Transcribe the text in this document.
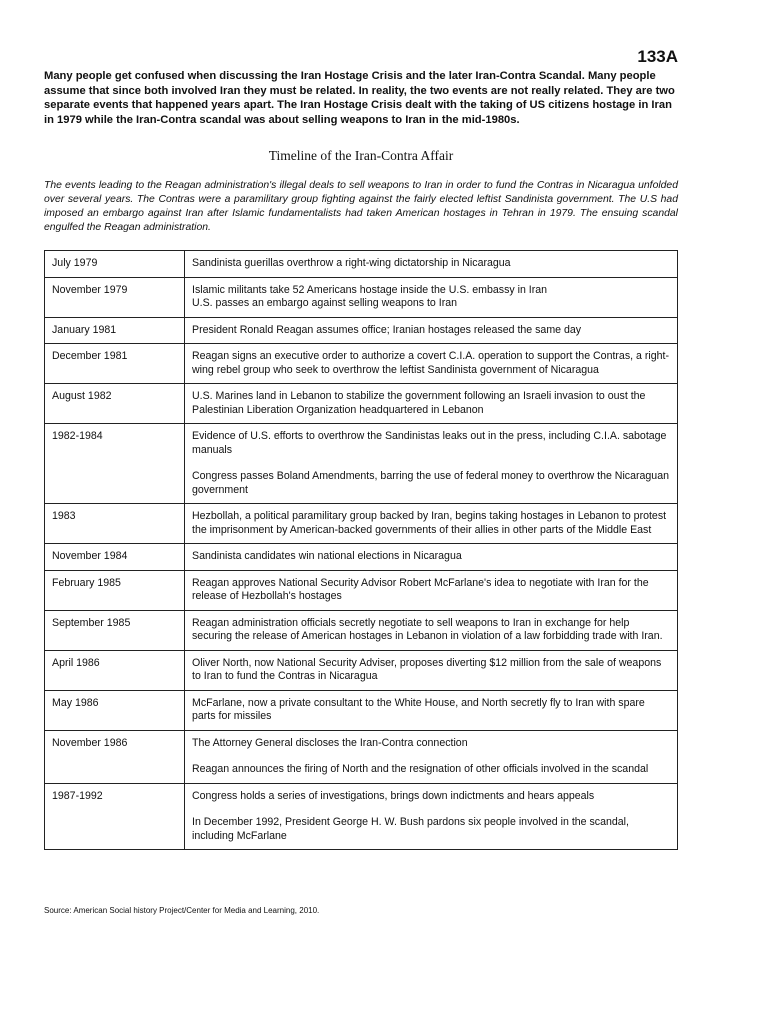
133A
Many people get confused when discussing the Iran Hostage Crisis and the later Iran-Contra Scandal. Many people assume that since both involved Iran they must be related. In reality, the two events are not really related. They are two separate events that happened years apart. The Iran Hostage Crisis dealt with the taking of US citizens hostage in Iran in 1979 while the Iran-Contra scandal was about selling weapons to Iran in the mid-1980s.
Timeline of the Iran-Contra Affair
The events leading to the Reagan administration's illegal deals to sell weapons to Iran in order to fund the Contras in Nicaragua unfolded over several years. The Contras were a paramilitary group fighting against the fairly elected leftist Sandinista government. The U.S had imposed an embargo against Iran after Islamic fundamentalists had taken American hostages in Tehran in 1979. The ensuing scandal engulfed the Reagan administration.
July 1979	Sandinista guerillas overthrow a right-wing dictatorship in Nicaragua

November 1979	Islamic militants take 52 Americans hostage inside the U.S. embassy in Iran
U.S. passes an embargo against selling weapons to Iran

January 1981	President Ronald Reagan assumes office; Iranian hostages released the same day

December 1981	Reagan signs an executive order to authorize a covert C.I.A. operation to support the Contras, a right-wing rebel group who seek to overthrow the leftist Sandinista government of Nicaragua

August 1982	U.S. Marines land in Lebanon to stabilize the government following an Israeli invasion to oust the Palestinian Liberation Organization headquartered in Lebanon

1982-1984	Evidence of U.S. efforts to overthrow the Sandinistas leaks out in the press, including C.I.A. sabotage manuals

Congress passes Boland Amendments, barring the use of federal money to overthrow the Nicaraguan government

1983	Hezbollah, a political paramilitary group backed by Iran, begins taking hostages in Lebanon to protest the imprisonment by American-backed governments of their allies in other parts of the Middle East

November 1984	Sandinista candidates win national elections in Nicaragua

February 1985	Reagan approves National Security Advisor Robert McFarlane's idea to negotiate with Iran for the release of Hezbollah's hostages

September 1985	Reagan administration officials secretly negotiate to sell weapons to Iran in exchange for help securing the release of American hostages in Lebanon in violation of a law forbidding trade with Iran.

April 1986	Oliver North, now National Security Adviser, proposes diverting $12 million from the sale of weapons to Iran to fund the Contras in Nicaragua

May 1986	McFarlane, now a private consultant to the White House, and North secretly fly to Iran with spare parts for missiles

November 1986	The Attorney General discloses the Iran-Contra connection

Reagan announces the firing of North and the resignation of other officials involved in the scandal

1987-1992	Congress holds a series of investigations, brings down indictments and hears appeals

In December 1992, President George H. W. Bush pardons six people involved in the scandal, including McFarlane

Source: American Social history Project/Center for Media and Learning, 2010.
